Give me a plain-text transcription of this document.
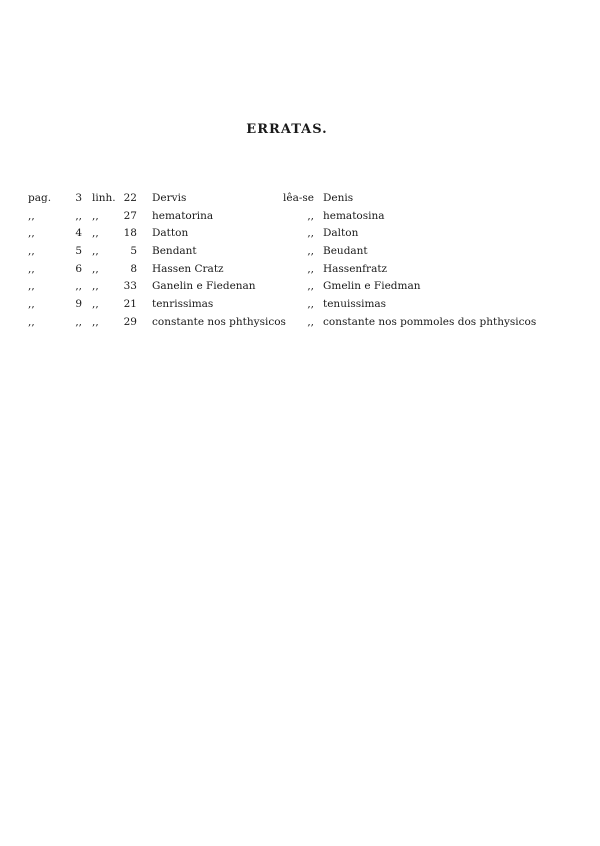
ERRATAS.
pag.	3 linh. 22 Dervis	lêa-se Denis
,,	,, ,,	27 hematorina	,, hematosina
,,	4 ,,	18 Datton	,, Dalton
,,	5 ,,	5 Bendant	,, Beudant
,,	6 ,,	8 Hassen Cratz	,, Hassenfratz
,,	,, ,,	33 Ganelin e Fiedenan	,, Gmelin e Fiedman
,,	9 ,,	21 tenrissimas	,, tenuissimas
,,	,, ,,	29 constante nos phthysicos	,, constante nos pommoles dos phthysicos
